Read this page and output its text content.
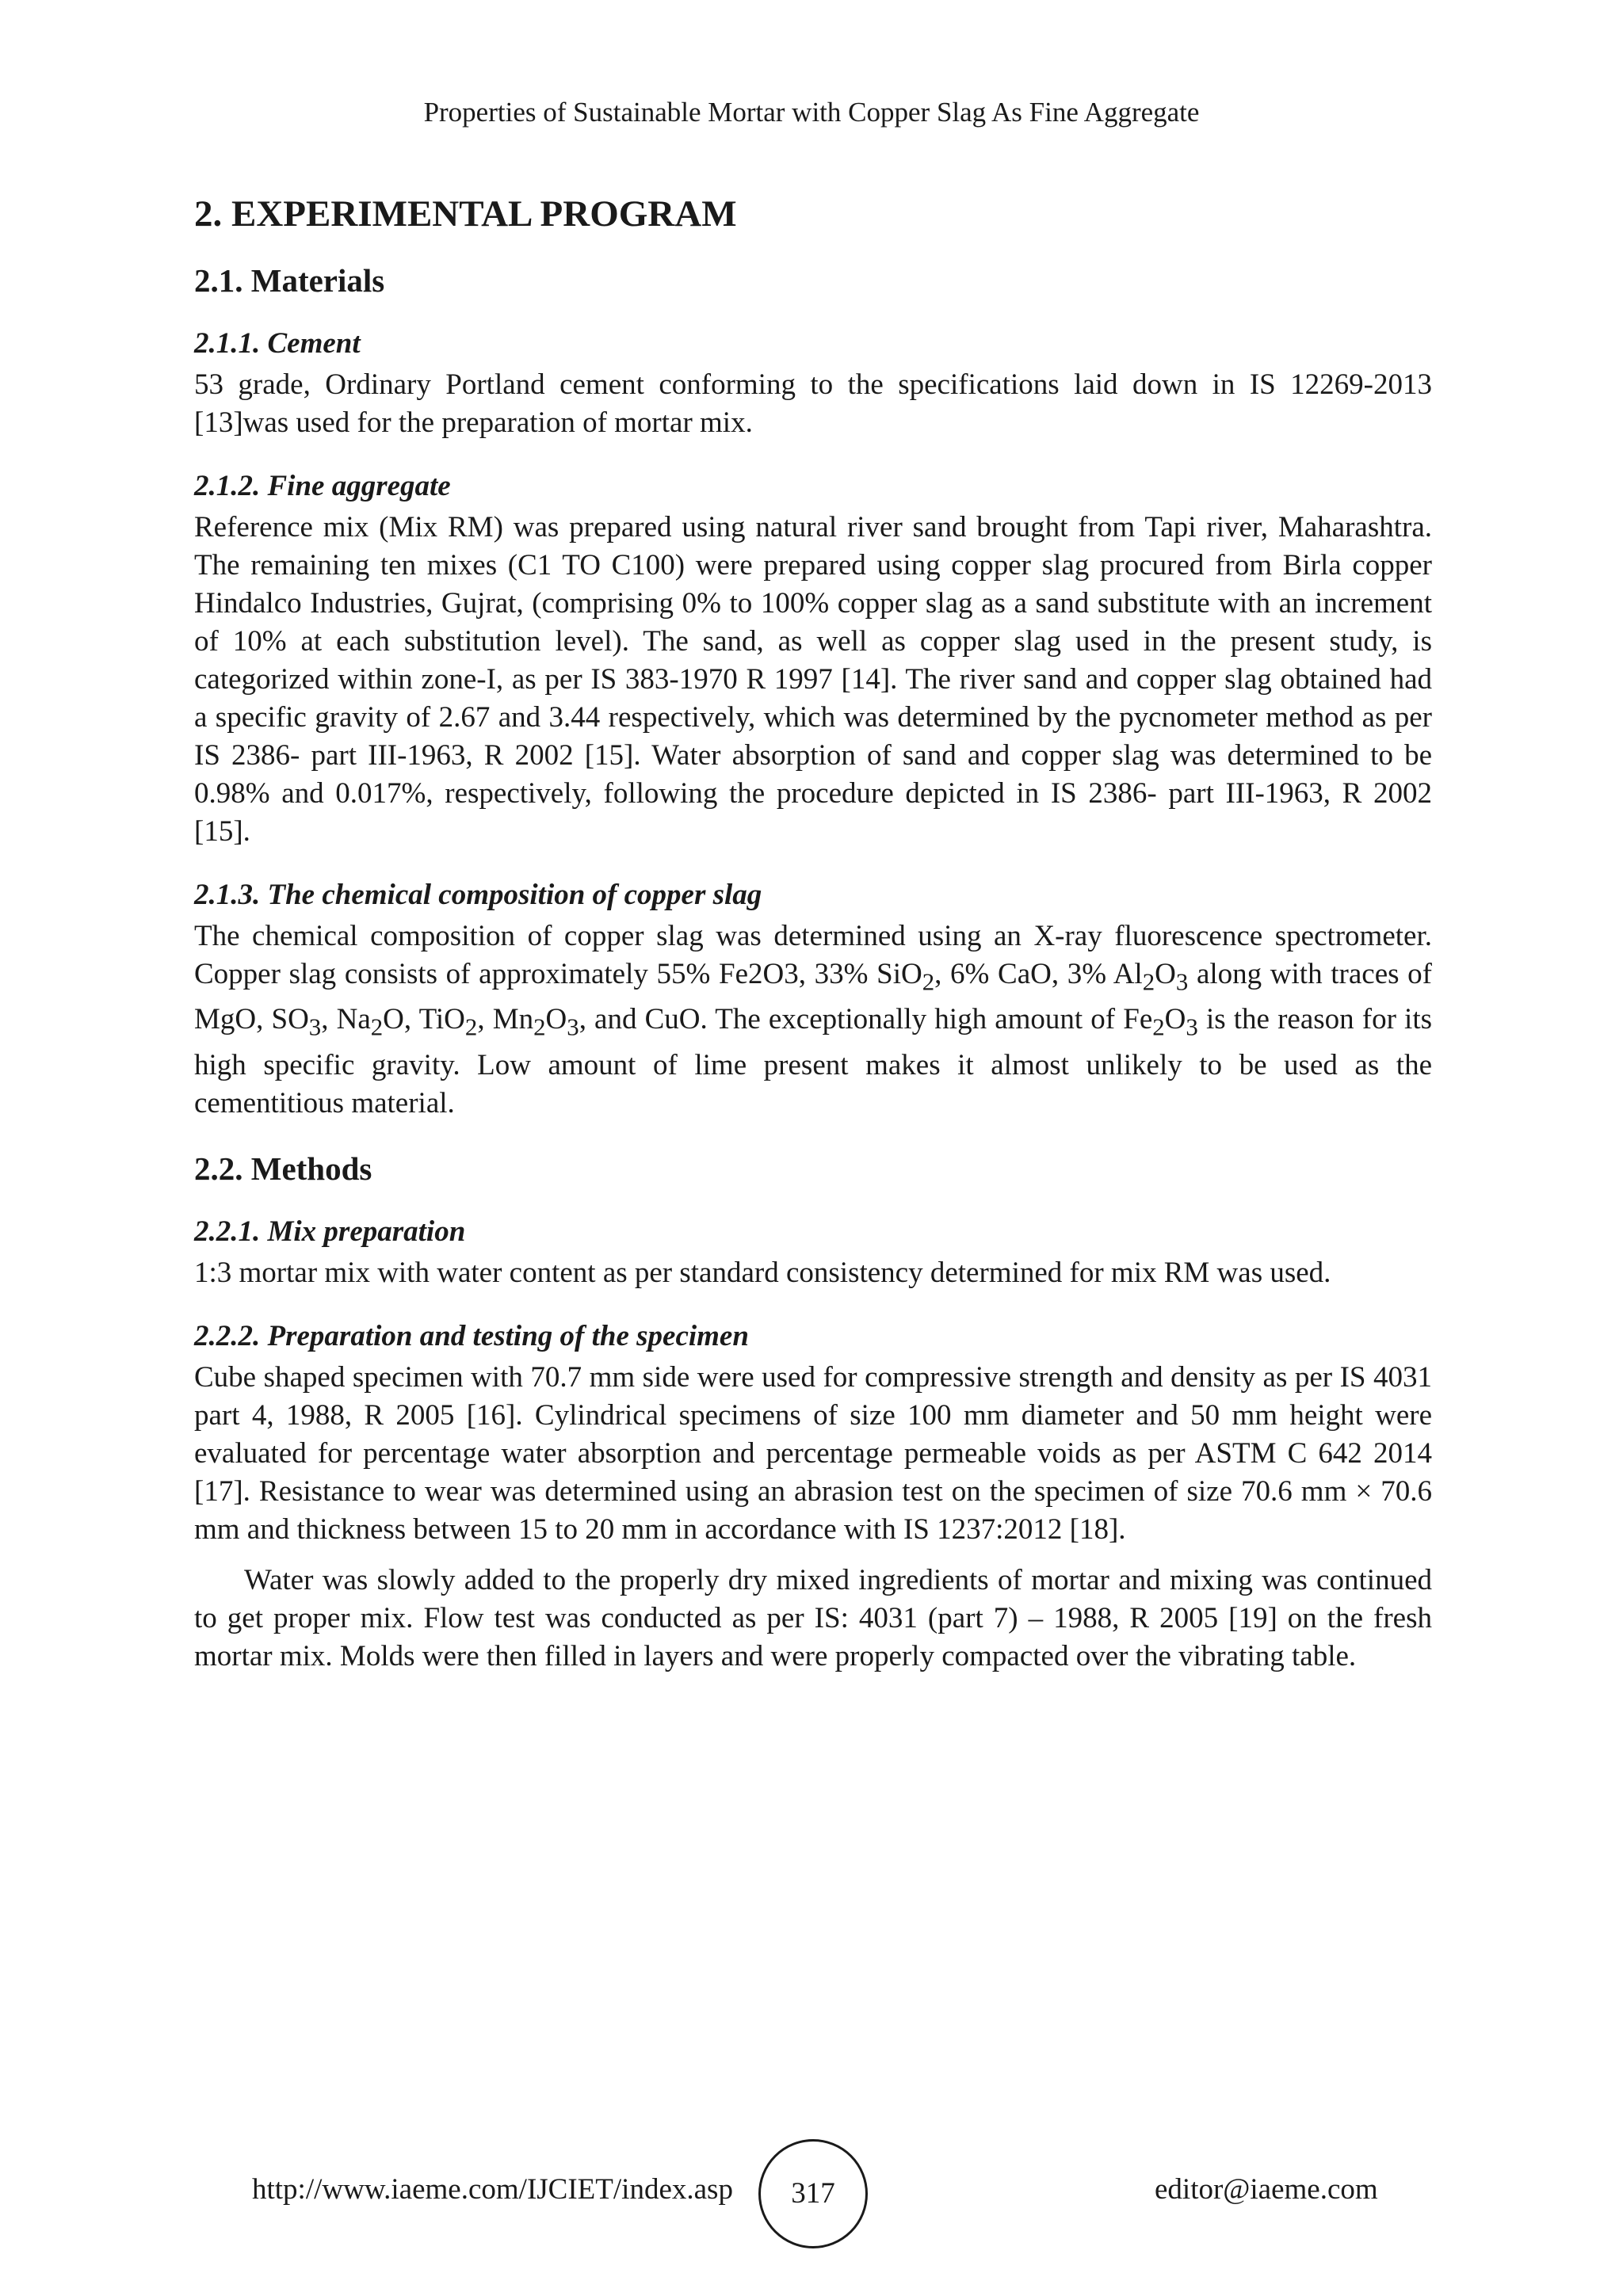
Properties of Sustainable Mortar with Copper Slag As Fine Aggregate
2. EXPERIMENTAL PROGRAM
2.1. Materials
2.1.1. Cement

53 grade, Ordinary Portland cement conforming to the specifications laid down in IS 12269-2013 [13]was used for the preparation of mortar mix.

2.1.2. Fine aggregate

Reference mix (Mix RM) was prepared using natural river sand brought from Tapi river, Maharashtra. The remaining ten mixes (C1 TO C100) were prepared using copper slag procured from Birla copper Hindalco Industries, Gujrat, (comprising 0% to 100% copper slag as a sand substitute with an increment of 10% at each substitution level). The sand, as well as copper slag used in the present study, is categorized within zone-I, as per IS 383-1970 R 1997 [14]. The river sand and copper slag obtained had a specific gravity of 2.67 and 3.44 respectively, which was determined by the pycnometer method as per IS 2386- part III-1963, R 2002 [15]. Water absorption of sand and copper slag was determined to be 0.98% and 0.017%, respectively, following the procedure depicted in IS 2386- part III-1963, R 2002 [15].

2.1.3. The chemical composition of copper slag

The chemical composition of copper slag was determined using an X-ray fluorescence spectrometer. Copper slag consists of approximately 55% Fe2O3, 33% SiO$_2$, 6% CaO, 3% $Al_2O_3$ along with traces of MgO, $SO_3$, $Na_2O$, TiO$_2$, $Mn_2O_3$, and CuO. The exceptionally high amount of $Fe_2O_3$ is the reason for its high specific gravity. Low amount of lime present makes it almost unlikely to be used as the cementitious material.

2.2. Methods
2.2.1. Mix preparation

1:3 mortar mix with water content as per standard consistency determined for mix RM was used.

2.2.2. Preparation and testing of the specimen

Cube shaped specimen with 70.7 mm side were used for compressive strength and density as per IS 4031 part 4, 1988, R 2005 [16]. Cylindrical specimens of size 100 mm diameter and 50 mm height were evaluated for percentage water absorption and percentage permeable voids as per ASTM C 642 2014 [17]. Resistance to wear was determined using an abrasion test on the specimen of size 70.6 mm × 70.6 mm and thickness between 15 to 20 mm in accordance with IS 1237:2012 [18].

Water was slowly added to the properly dry mixed ingredients of mortar and mixing was continued to get proper mix. Flow test was conducted as per IS: 4031 (part 7) – 1988, R 2005 [19] on the fresh mortar mix. Molds were then filled in layers and were properly compacted over the vibrating table.

http://www.iaeme.com/IJCIET/index.asp	317	editor@iaeme.com
